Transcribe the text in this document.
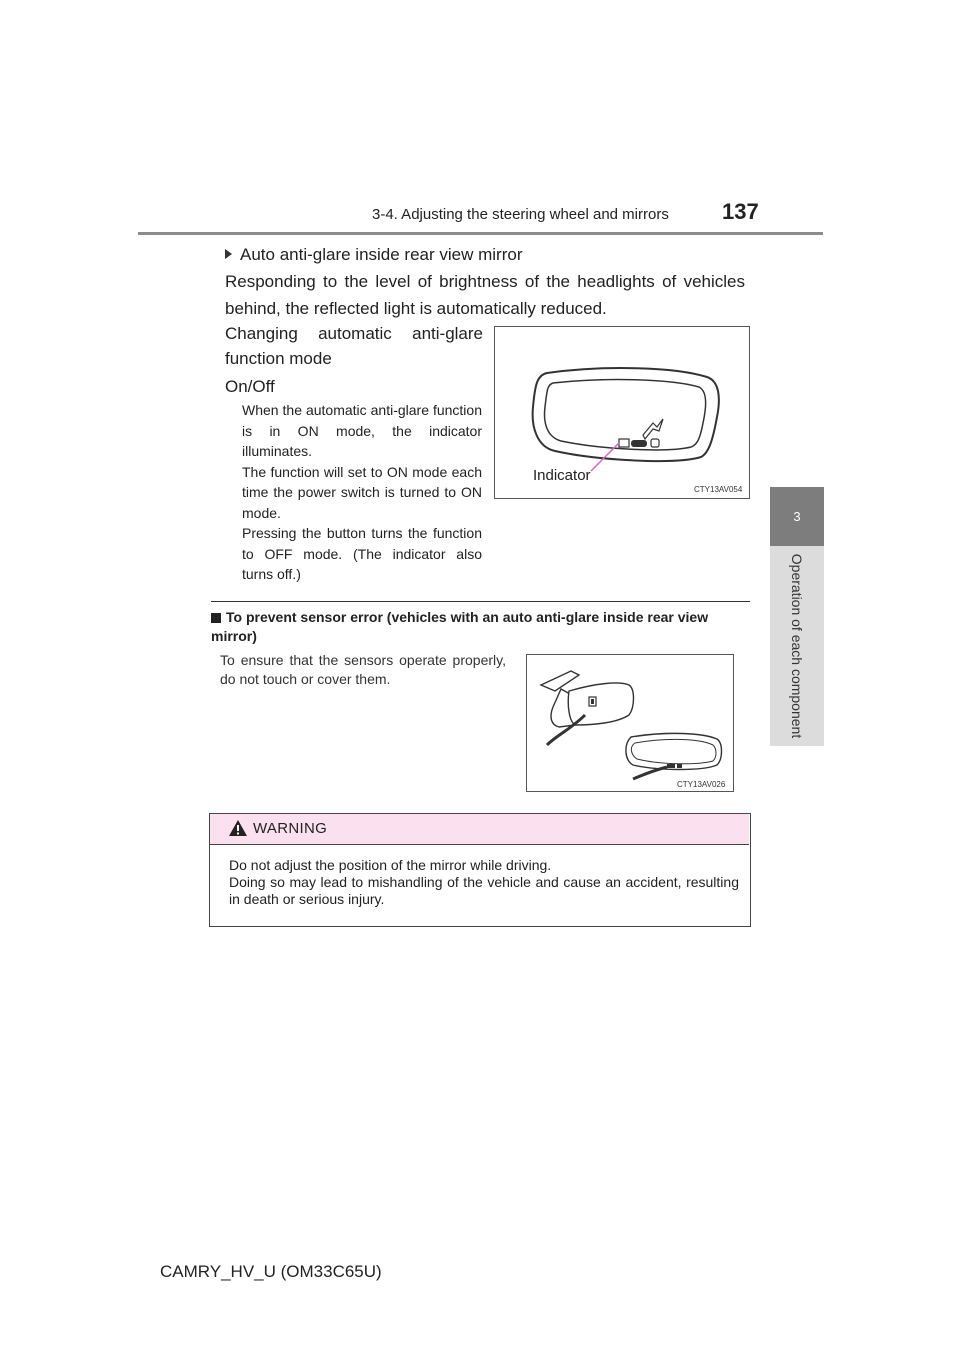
3-4. Adjusting the steering wheel and mirrors 137
3
Operation of each component
Auto anti-glare inside rear view mirror
Responding to the level of brightness of the headlights of vehicles behind, the reflected light is automatically reduced.
Changing automatic anti-glare
function mode
On/Off

When the automatic anti-glare function is in ON mode, the indicator illuminates.

The function will set to ON mode each time the power switch is turned to ON mode.

Pressing the button turns the function to OFF mode. (The indicator also turns off.)

CTY13AV054
Indicator
To prevent sensor error (vehicles with an auto anti-glare inside rear view mirror)
To ensure that the sensors operate properly, do not touch or cover them.
CTY13AV026
WARNING

Do not adjust the position of the mirror while driving.

Doing so may lead to mishandling of the vehicle and cause an accident, resulting in death or serious injury.

CAMRY_HV_U (OM33C65U)
